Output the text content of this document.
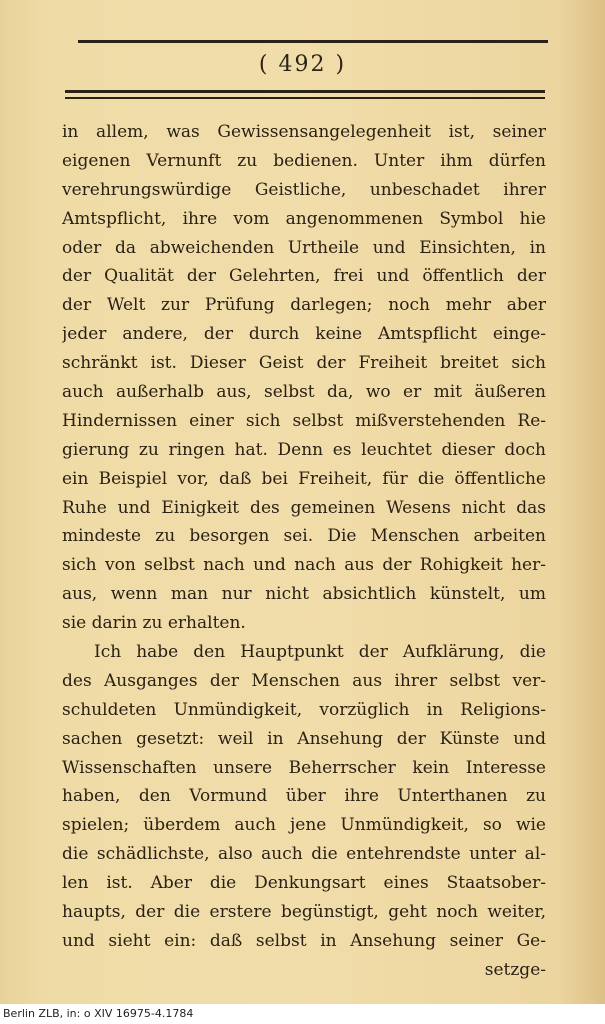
( 492 )
in allem, was Gewissensangelegenheit ist, seiner
eigenen Vernunft zu bedienen. Unter ihm dürfen
verehrungswürdige Geistliche, unbeschadet ihrer
Amtspflicht, ihre vom angenommenen Symbol hie
oder da abweichenden Urtheile und Einsichten, in
der Qualität der Gelehrten, frei und öffentlich der
der Welt zur Prüfung darlegen; noch mehr aber
jeder andere, der durch keine Amtspflicht einge-
schränkt ist. Dieser Geist der Freiheit breitet sich
auch außerhalb aus, selbst da, wo er mit äußeren
Hindernissen einer sich selbst mißverstehenden Re-
gierung zu ringen hat. Denn es leuchtet dieser doch
ein Beispiel vor, daß bei Freiheit, für die öffentliche
Ruhe und Einigkeit des gemeinen Wesens nicht das
mindeste zu besorgen sei. Die Menschen arbeiten
sich von selbst nach und nach aus der Rohigkeit her-
aus, wenn man nur nicht absichtlich künstelt, um
sie darin zu erhalten.
Ich habe den Hauptpunkt der Aufklärung, die
des Ausganges der Menschen aus ihrer selbst ver-
schuldeten Unmündigkeit, vorzüglich in Religions-
sachen gesetzt: weil in Ansehung der Künste und
Wissenschaften unsere Beherrscher kein Interesse
haben, den Vormund über ihre Unterthanen zu
spielen; überdem auch jene Unmündigkeit, so wie
die schädlichste, also auch die entehrendste unter al-
len ist. Aber die Denkungsart eines Staatsober-
haupts, der die erstere begünstigt, geht noch weiter,
und sieht ein: daß selbst in Ansehung seiner Ge-
setzge-
Berlin ZLB, in: o XIV 16975-4.1784
